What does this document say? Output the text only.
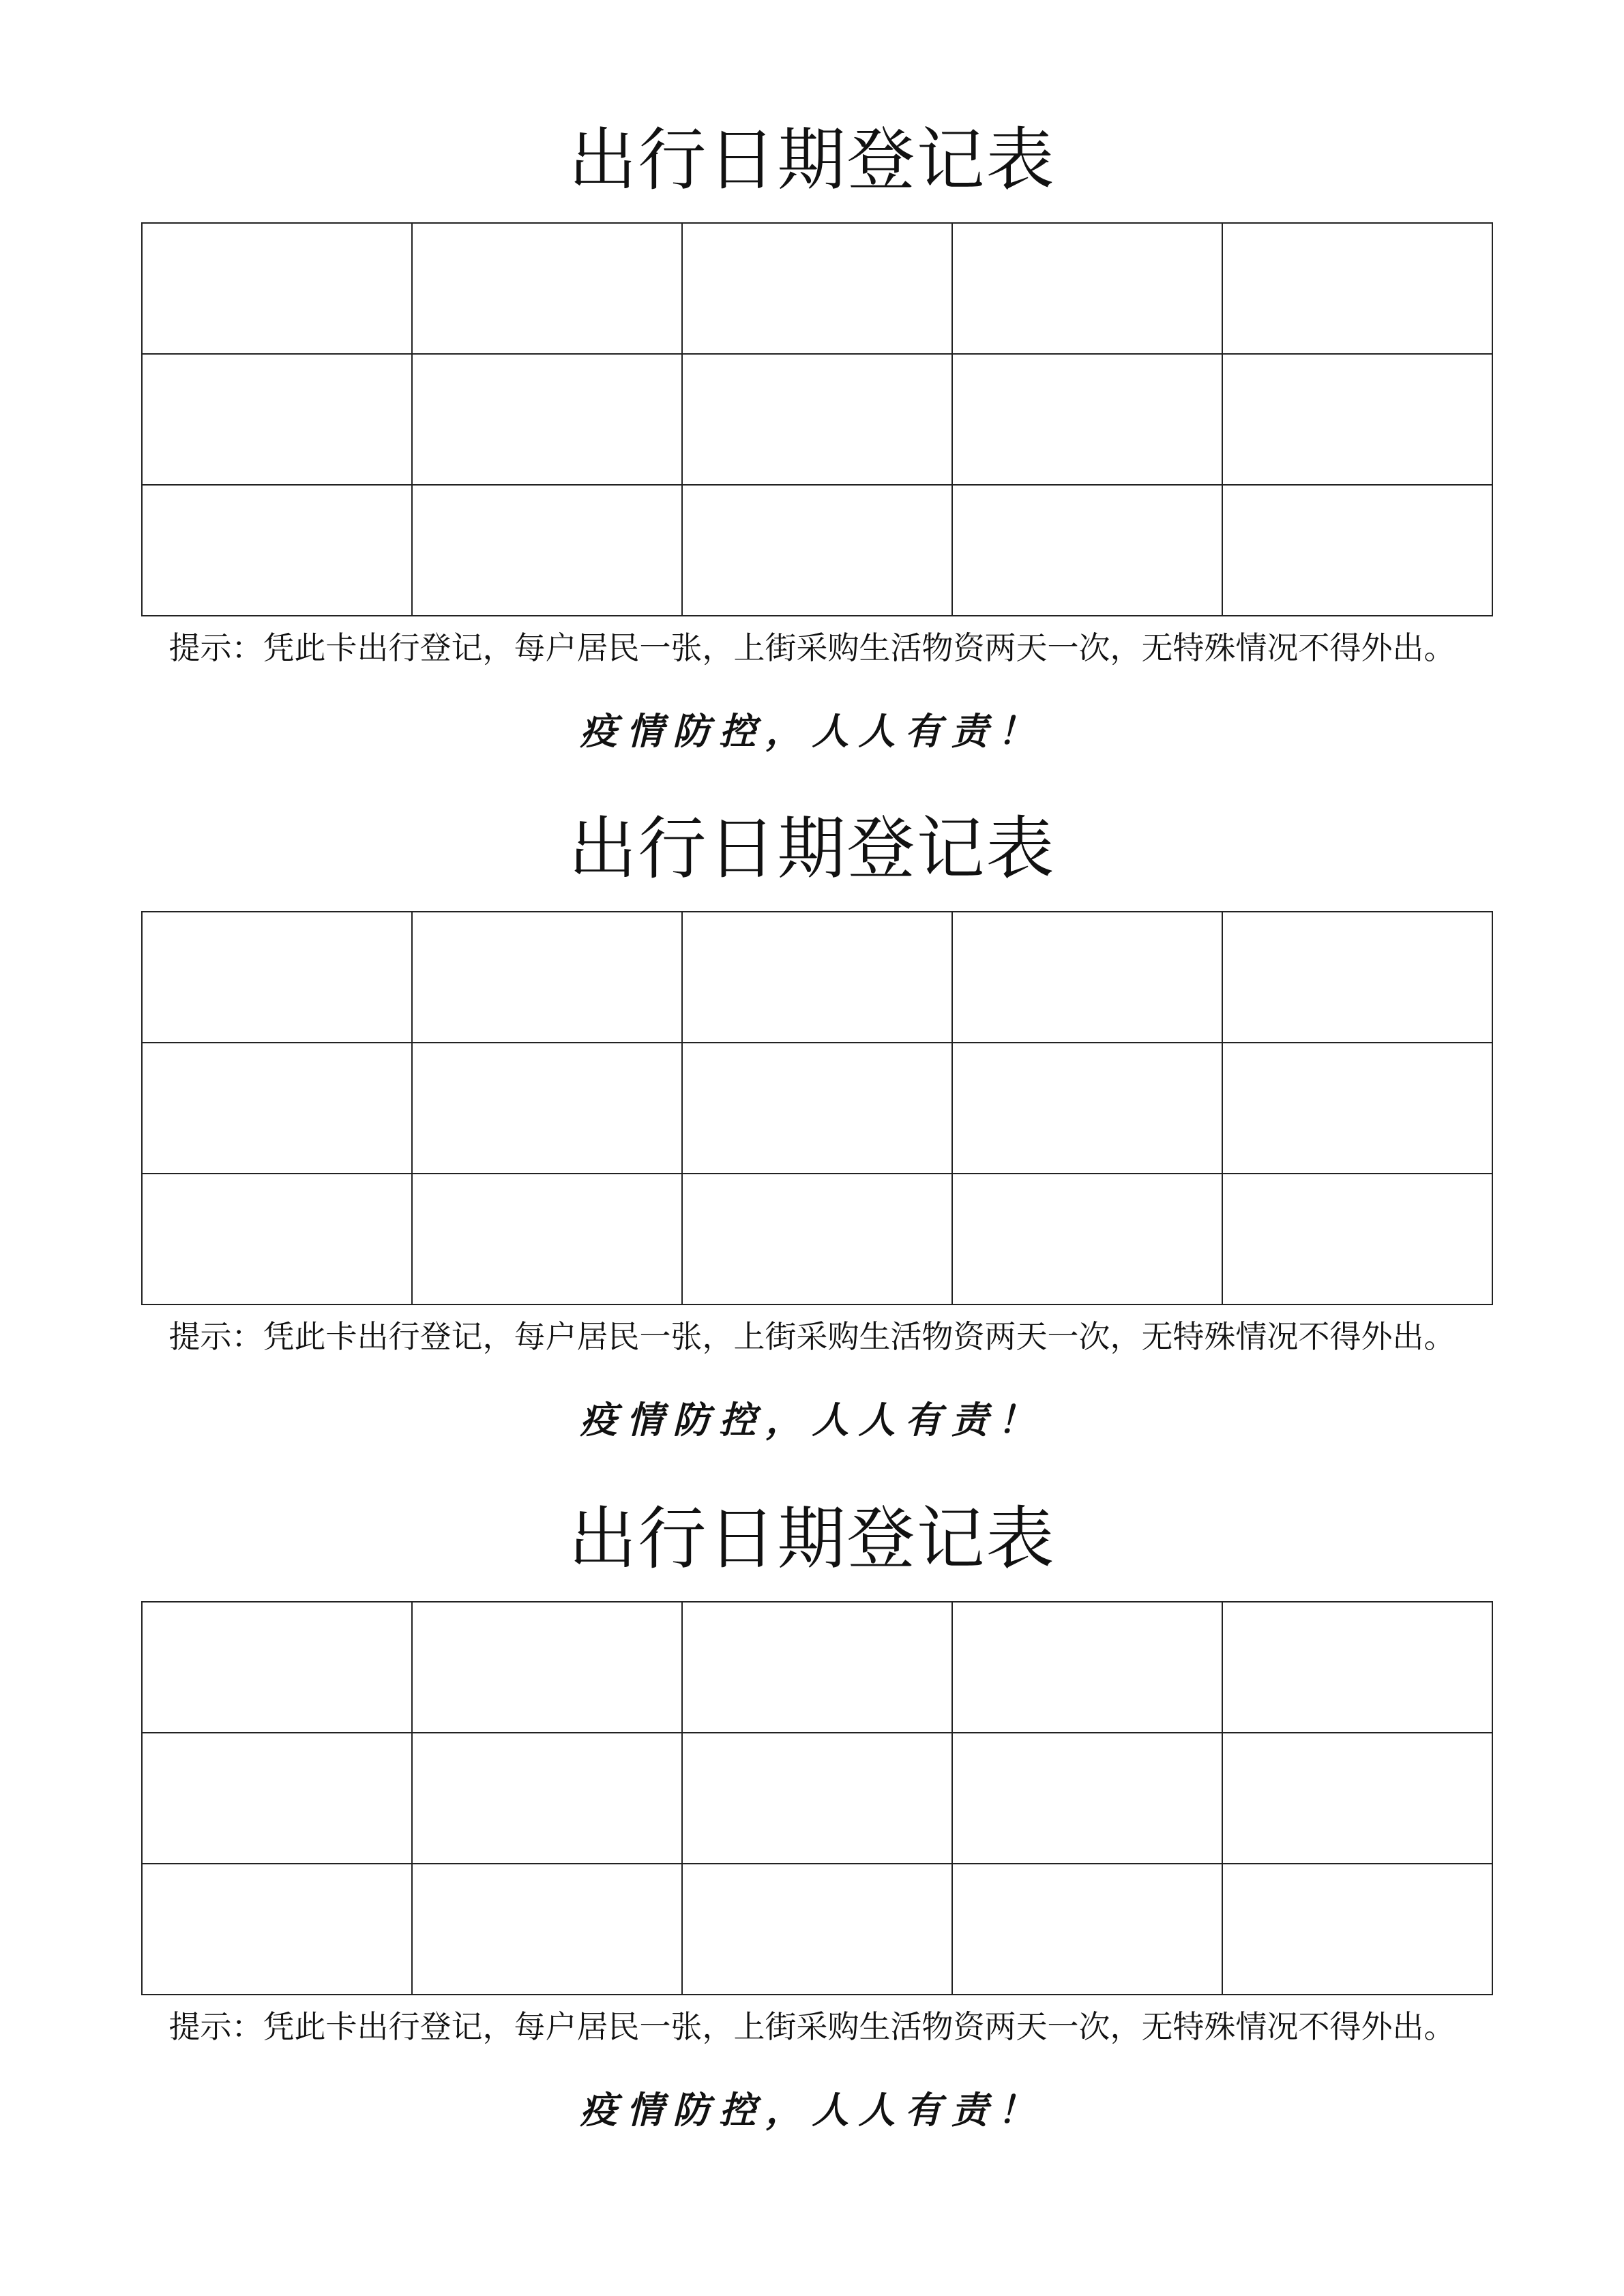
出行日期登记表

提示：凭此卡出行登记，每户居民一张，上街采购生活物资两天一次，无特殊情况不得外出。
疫情防控，人人有责！
出行日期登记表

提示：凭此卡出行登记，每户居民一张，上街采购生活物资两天一次，无特殊情况不得外出。
疫情防控，人人有责！
出行日期登记表

提示：凭此卡出行登记，每户居民一张，上街采购生活物资两天一次，无特殊情况不得外出。
疫情防控，人人有责！
